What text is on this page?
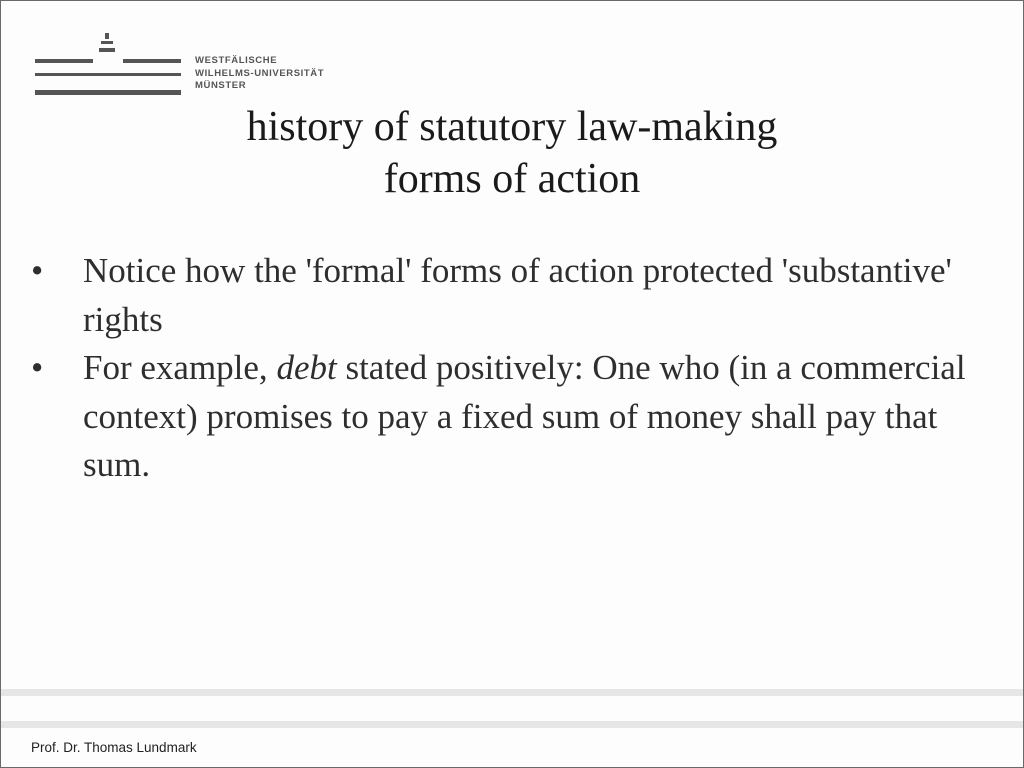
WESTFÄLISCHE
WILHELMS-UNIVERSITÄT
MÜNSTER
history of statutory law-making
forms of action
• Notice how the 'formal' forms of action protected 'substantive' rights
• For example, debt stated positively: One who (in a commercial context) promises to pay a fixed sum of money shall pay that sum.
Prof. Dr. Thomas Lundmark
